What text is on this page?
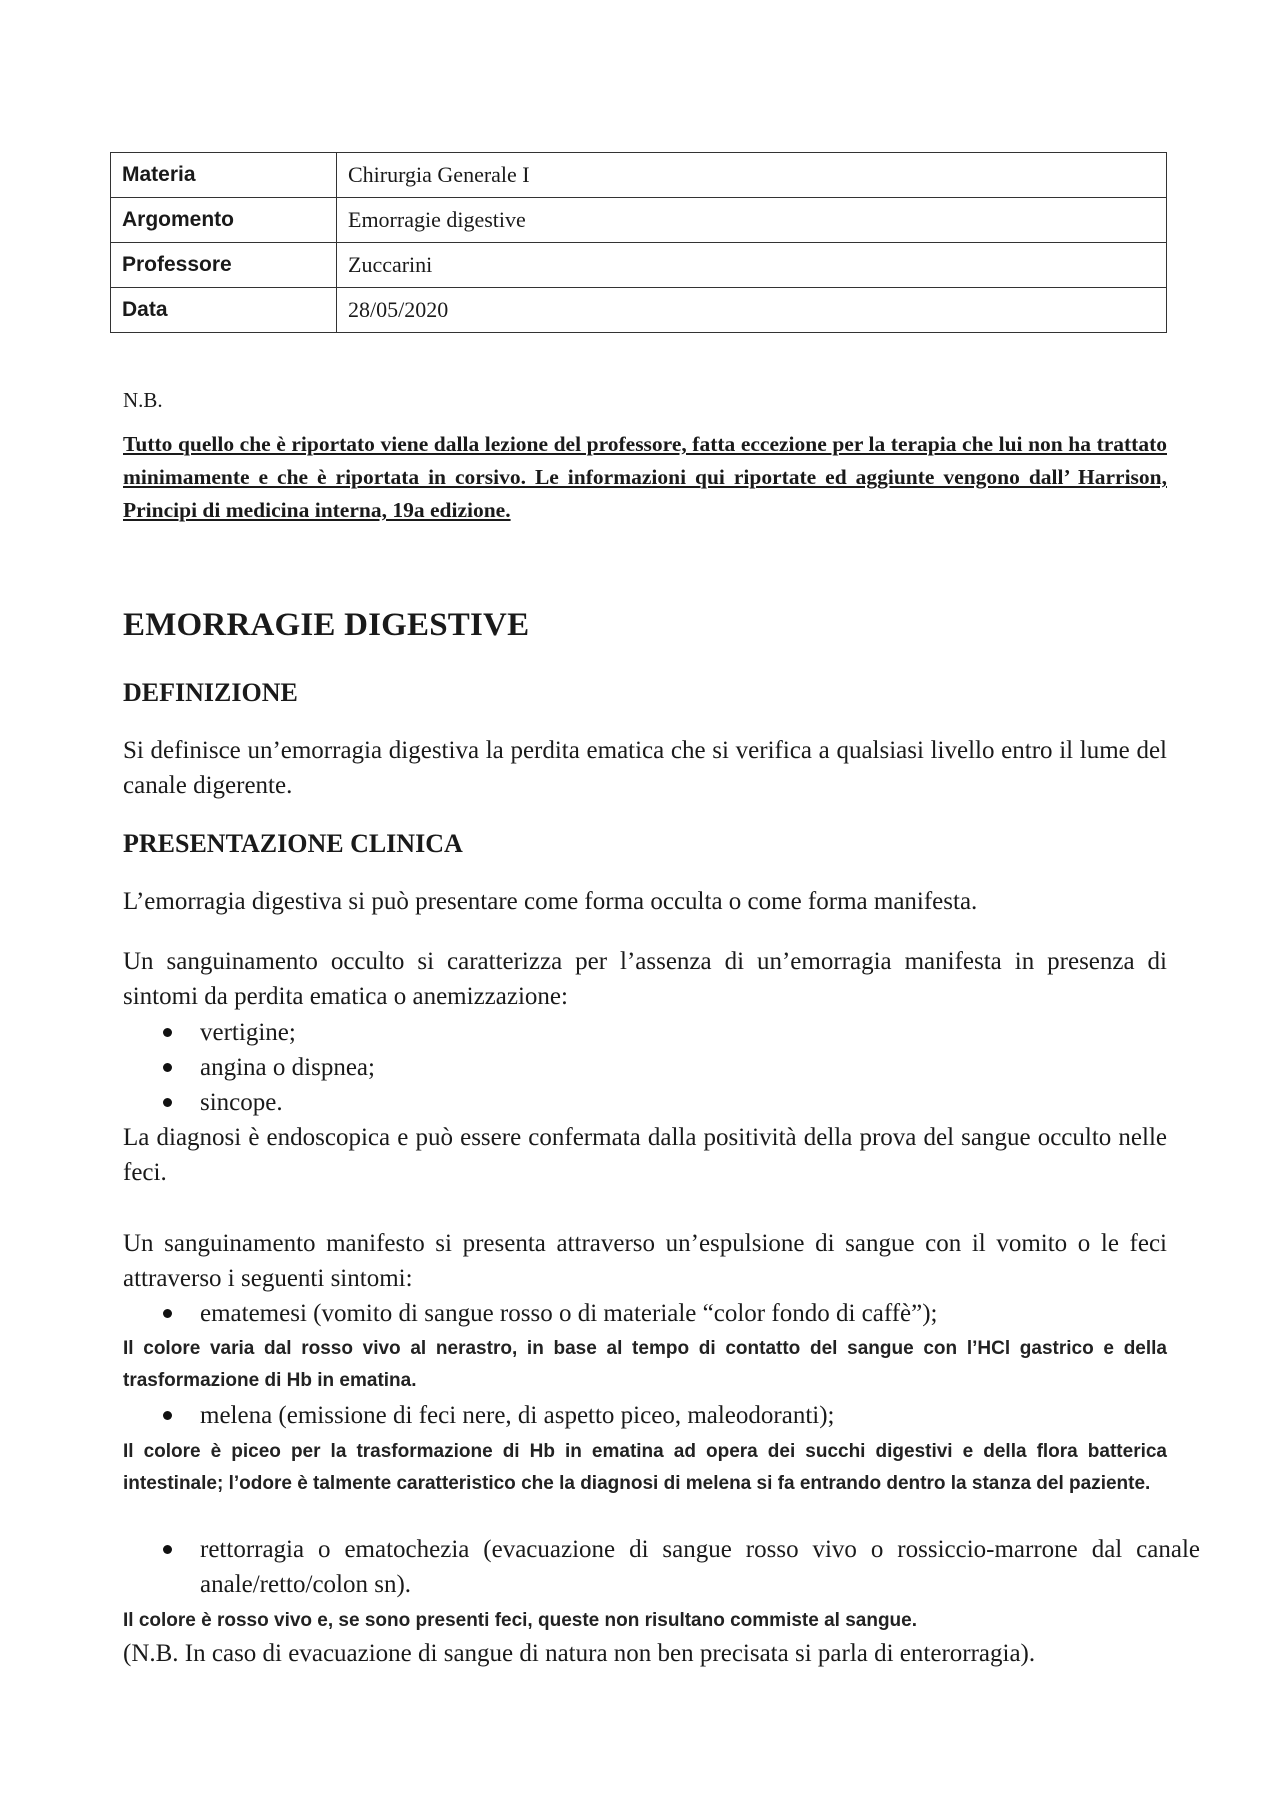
Materia	Chirurgia Generale I
Argomento	Emorragie digestive
Professore	Zuccarini
Data	28/05/2020
N.B.
Tutto quello che è riportato viene dalla lezione del professore, fatta eccezione per la terapia che lui non ha trattato minimamente e che è riportata in corsivo. Le informazioni qui riportate ed aggiunte vengono dall’ Harrison, Principi di medicina interna, 19a edizione.
EMORRAGIE DIGESTIVE
DEFINIZIONE
Si definisce un’emorragia digestiva la perdita ematica che si verifica a qualsiasi livello entro il lume del canale digerente.
PRESENTAZIONE CLINICA
L’emorragia digestiva si può presentare come forma occulta o come forma manifesta.
Un sanguinamento occulto si caratterizza per l’assenza di un’emorragia manifesta in presenza di sintomi da perdita ematica o anemizzazione:
vertigine;
angina o dispnea;
sincope.
La diagnosi è endoscopica e può essere confermata dalla positività della prova del sangue occulto nelle feci.
Un sanguinamento manifesto si presenta attraverso un’espulsione di sangue con il vomito o le feci attraverso i seguenti sintomi:
ematemesi (vomito di sangue rosso o di materiale “color fondo di caffè”);
Il colore varia dal rosso vivo al nerastro, in base al tempo di contatto del sangue con l’HCl gastrico e della trasformazione di Hb in ematina.
melena (emissione di feci nere, di aspetto piceo, maleodoranti);
Il colore è piceo per la trasformazione di Hb in ematina ad opera dei succhi digestivi e della flora batterica intestinale; l’odore è talmente caratteristico che la diagnosi di melena si fa entrando dentro la stanza del paziente.
rettorragia o ematochezia (evacuazione di sangue rosso vivo o rossiccio-marrone dal canale anale/retto/colon sn).
Il colore è rosso vivo e, se sono presenti feci, queste non risultano commiste al sangue.
(N.B. In caso di evacuazione di sangue di natura non ben precisata si parla di enterorragia).
